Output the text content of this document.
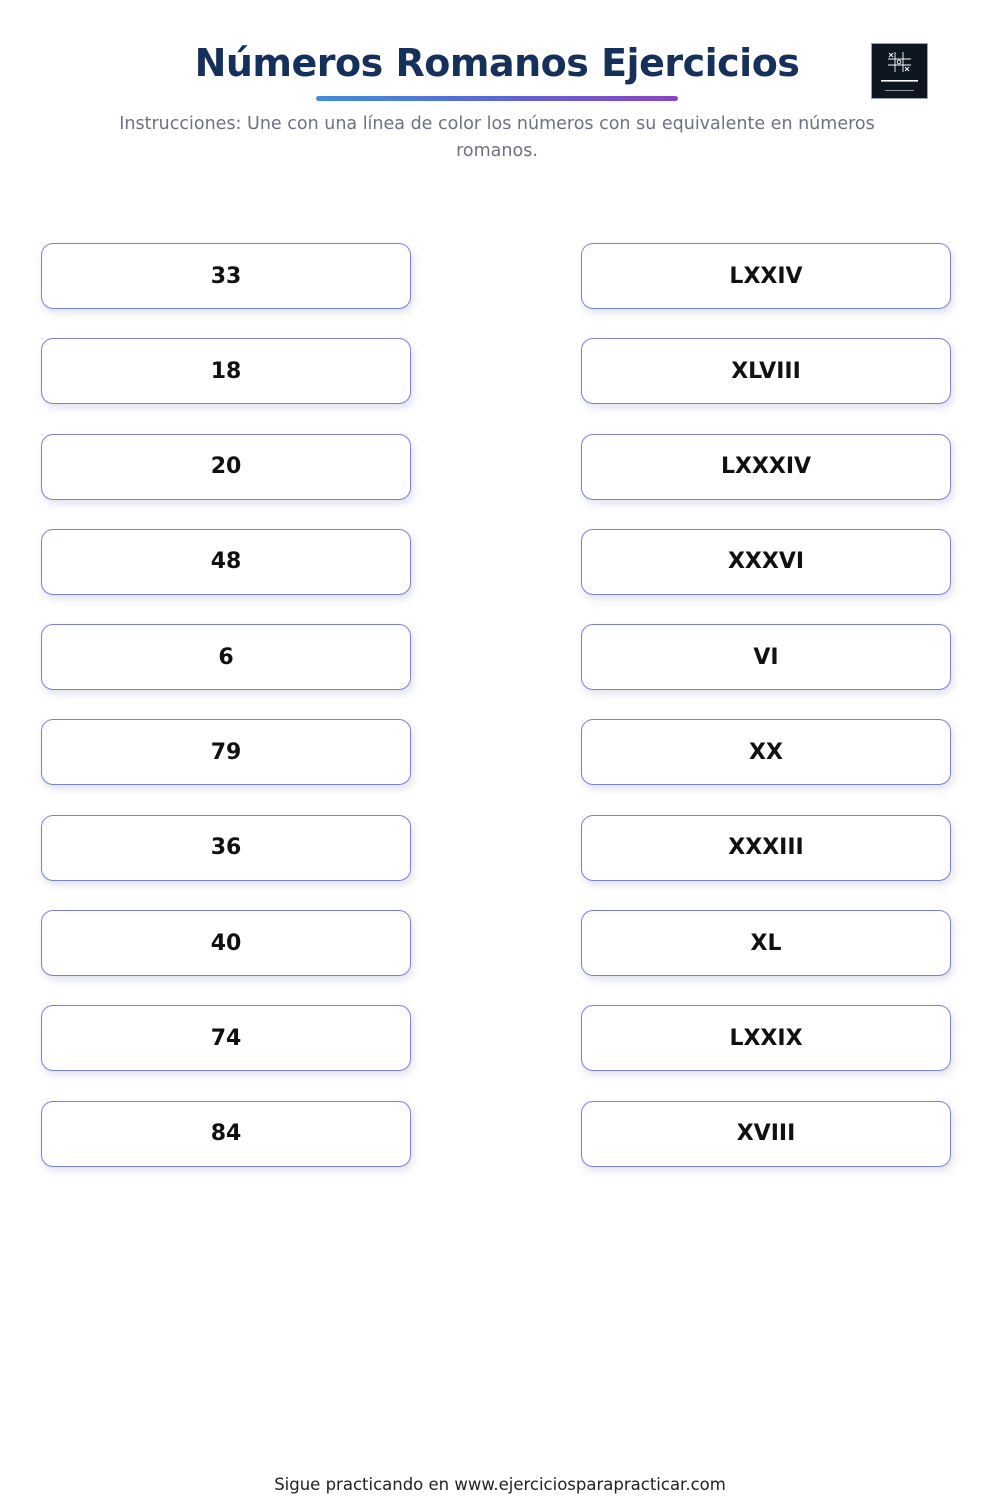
Números Romanos Ejercicios
Instrucciones: Une con una línea de color los números con su equivalente en números romanos.
33
18
20
48
6
79
36
40
74
84
LXXIV
XLVIII
LXXXIV
XXXVI
VI
XX
XXXIII
XL
LXXIX
XVIII
Sigue practicando en www.ejerciciosparapracticar.com
